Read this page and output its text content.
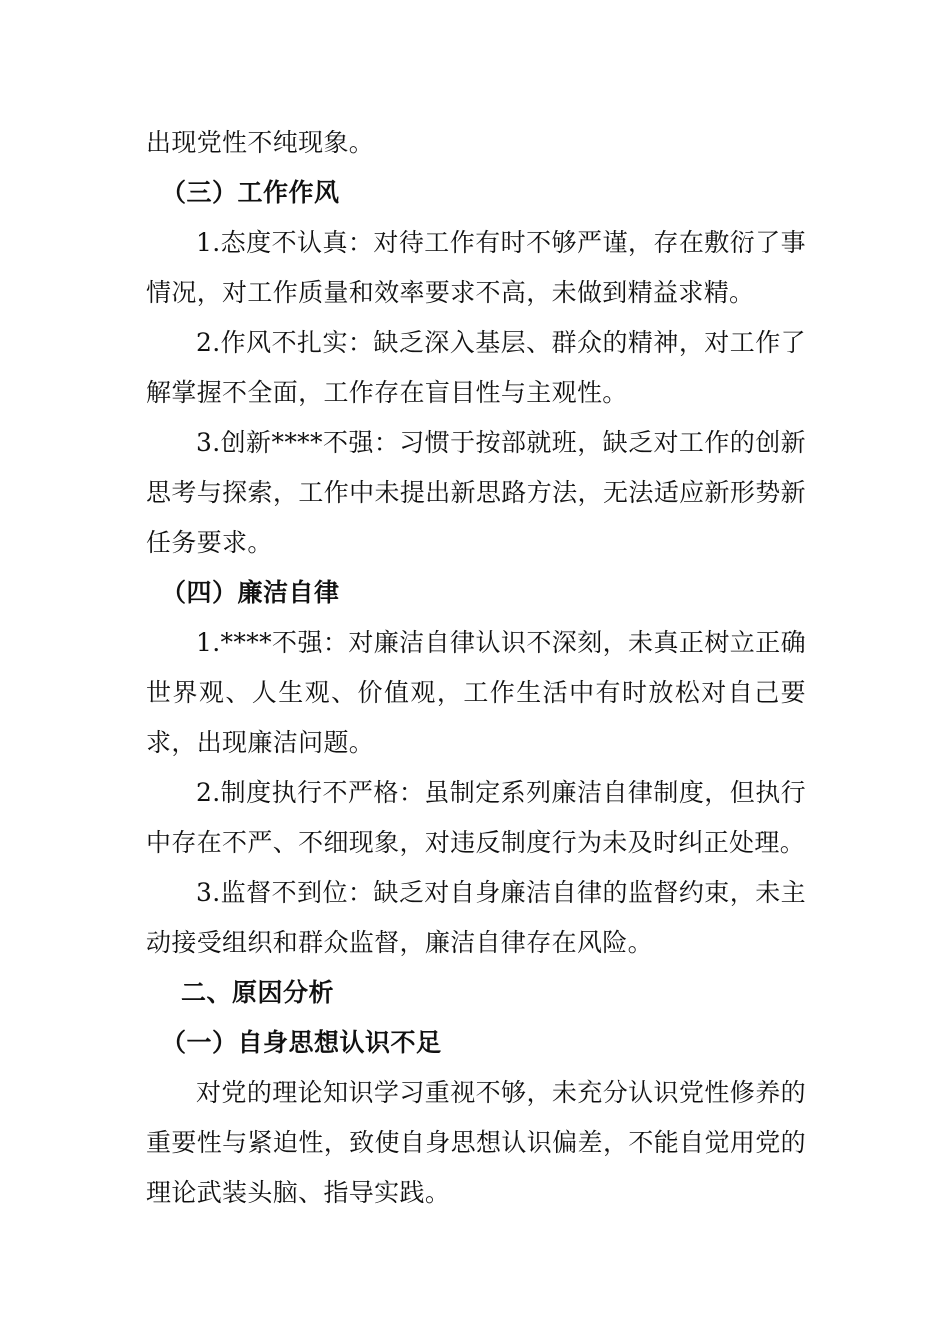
出现党性不纯现象。

（三）工作作风

1.态度不认真：对待工作有时不够严谨，存在敷衍了事情况，对工作质量和效率要求不高，未做到精益求精。

2.作风不扎实：缺乏深入基层、群众的精神，对工作了解掌握不全面，工作存在盲目性与主观性。

3.创新****不强：习惯于按部就班，缺乏对工作的创新思考与探索，工作中未提出新思路方法，无法适应新形势新任务要求。

（四）廉洁自律

1.****不强：对廉洁自律认识不深刻，未真正树立正确世界观、人生观、价值观，工作生活中有时放松对自己要求，出现廉洁问题。

2.制度执行不严格：虽制定系列廉洁自律制度，但执行中存在不严、不细现象，对违反制度行为未及时纠正处理。

3.监督不到位：缺乏对自身廉洁自律的监督约束，未主动接受组织和群众监督，廉洁自律存在风险。

二、原因分析

（一）自身思想认识不足

对党的理论知识学习重视不够，未充分认识党性修养的重要性与紧迫性，致使自身思想认识偏差，不能自觉用党的理论武装头脑、指导实践。
